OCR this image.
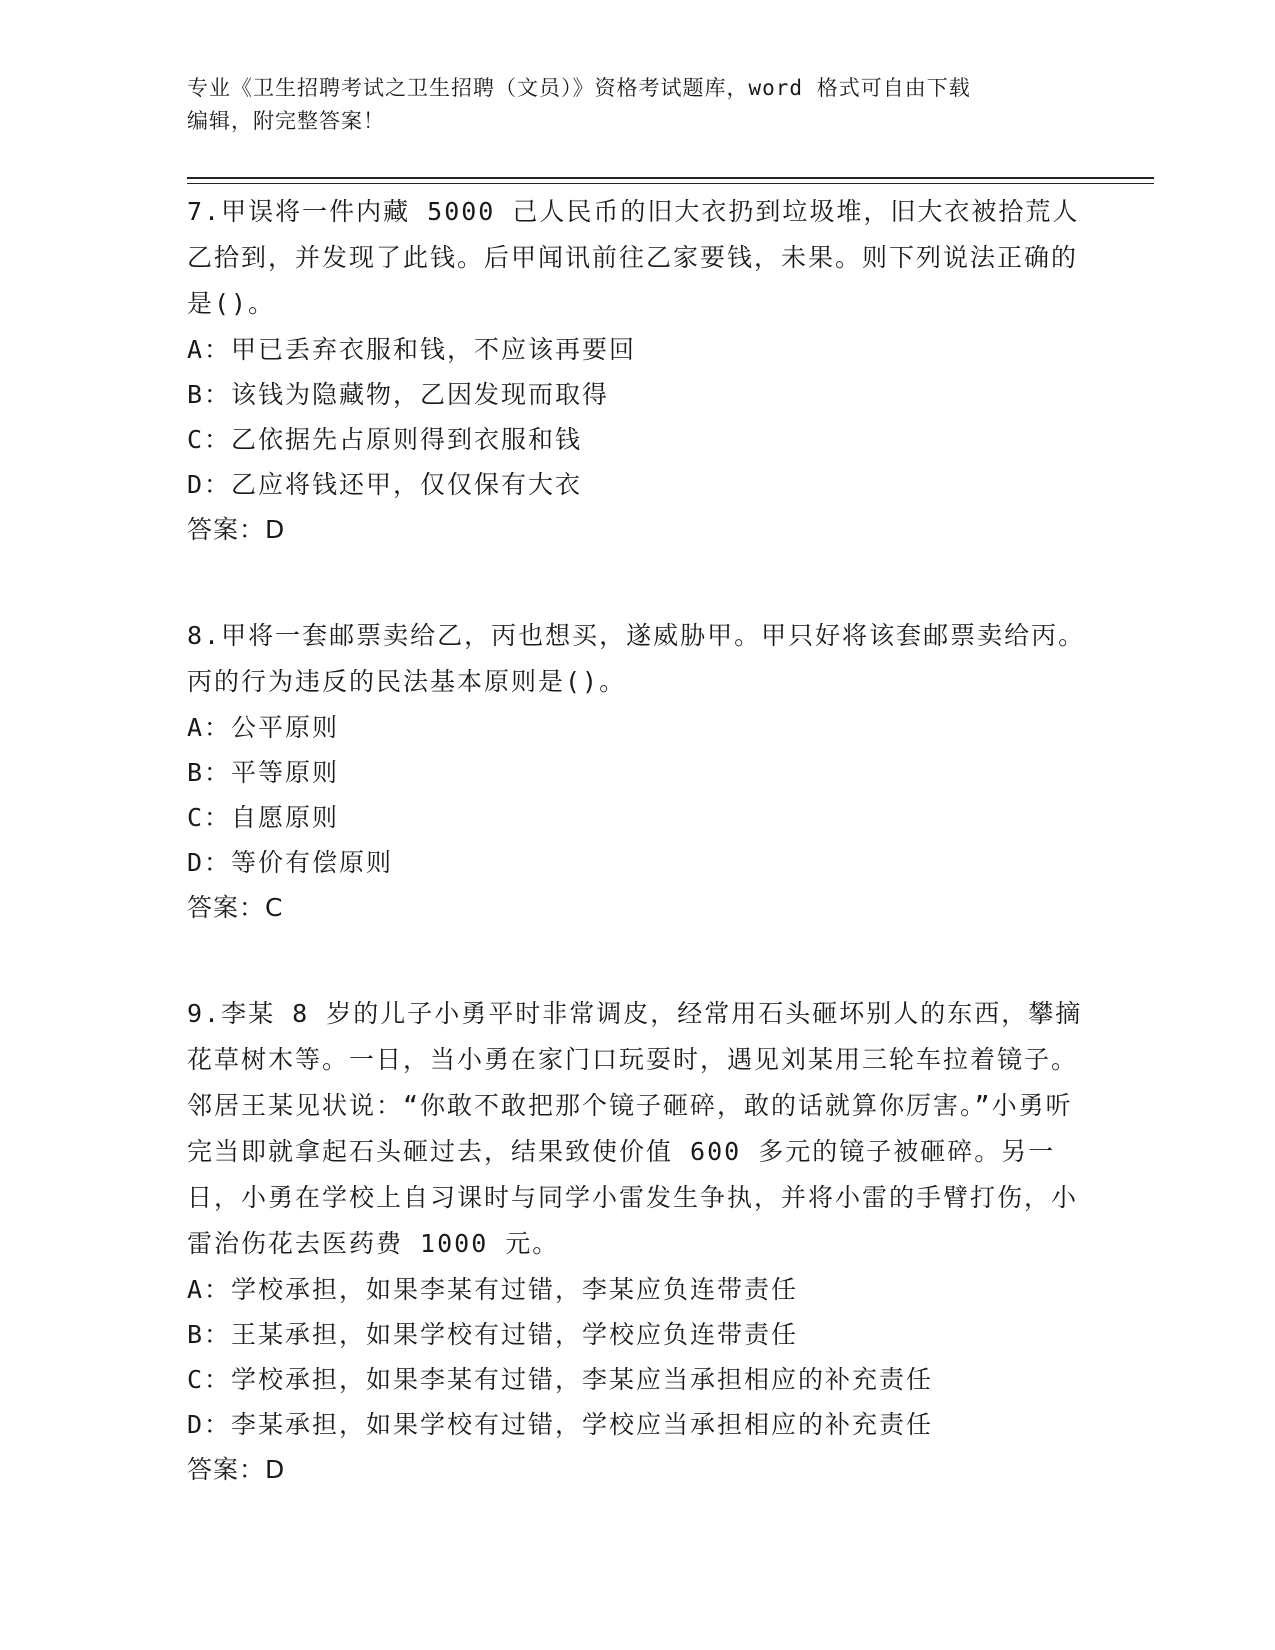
专业《卫生招聘考试之卫生招聘（文员）》资格考试题库，word 格式可自由下载
编辑，附完整答案！
7.甲误将一件内藏 5000 己人民币的旧大衣扔到垃圾堆，旧大衣被拾荒人乙拾到，并发现了此钱。后甲闻讯前往乙家要钱，未果。则下列说法正确的是()。
A：甲已丢弃衣服和钱，不应该再要回
B：该钱为隐藏物，乙因发现而取得
C：乙依据先占原则得到衣服和钱
D：乙应将钱还甲，仅仅保有大衣
答案：D
8.甲将一套邮票卖给乙，丙也想买，遂威胁甲。甲只好将该套邮票卖给丙。丙的行为违反的民法基本原则是()。
A：公平原则
B：平等原则
C：自愿原则
D：等价有偿原则
答案：C
9.李某 8 岁的儿子小勇平时非常调皮，经常用石头砸坏别人的东西，攀摘花草树木等。一日，当小勇在家门口玩耍时，遇见刘某用三轮车拉着镜子。邻居王某见状说：“你敢不敢把那个镜子砸碎，敢的话就算你厉害。”小勇听完当即就拿起石头砸过去，结果致使价值 600 多元的镜子被砸碎。另一日，小勇在学校上自习课时与同学小雷发生争执，并将小雷的手臂打伤，小雷治伤花去医药费 1000 元。
A：学校承担，如果李某有过错，李某应负连带责任
B：王某承担，如果学校有过错，学校应负连带责任
C：学校承担，如果李某有过错，李某应当承担相应的补充责任
D：李某承担，如果学校有过错，学校应当承担相应的补充责任
答案：D
